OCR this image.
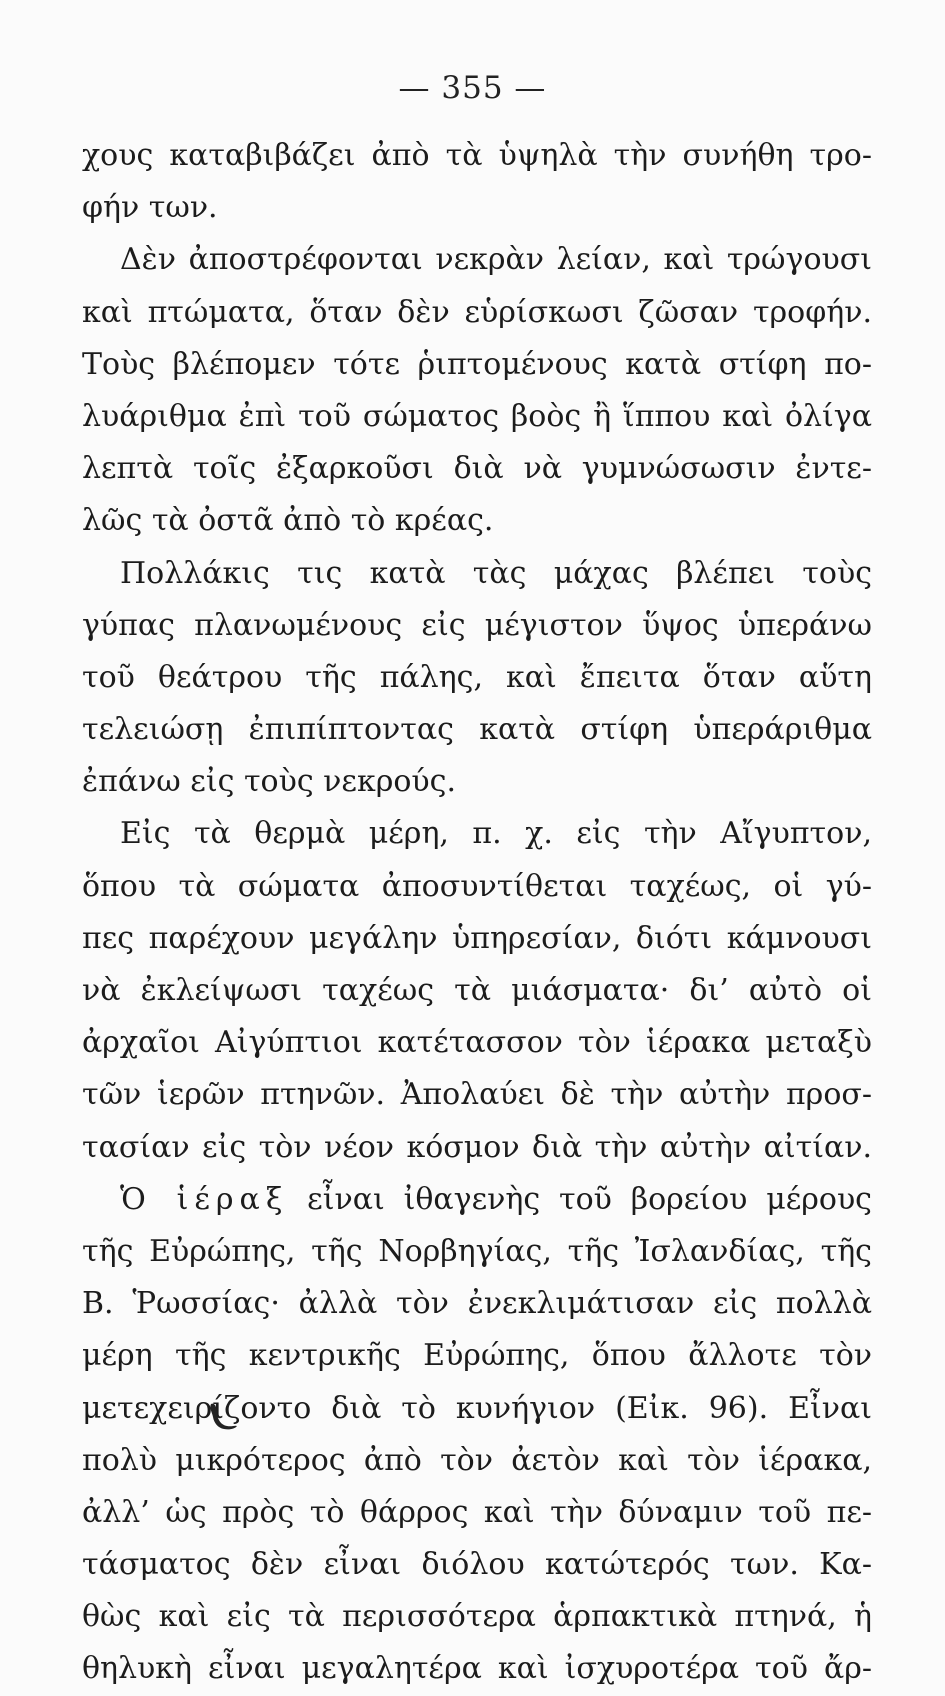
— 355 —
χους καταβιβάζει ἀπὸ τὰ ὑψηλὰ τὴν συνήθη τρο-
φήν των.
Δὲν ἀποστρέφονται νεκρὰν λείαν, καὶ τρώγουσι
καὶ πτώματα, ὅταν δὲν εὑρίσκωσι ζῶσαν τροφήν.
Τοὺς βλέπομεν τότε ῥιπτομένους κατὰ στίφη πο-
λυάριθμα ἐπὶ τοῦ σώματος βοὸς ἢ ἵππου καὶ ὀλίγα
λεπτὰ τοῖς ἐξαρκοῦσι διὰ νὰ γυμνώσωσιν ἐντε-
λῶς τὰ ὀστᾶ ἀπὸ τὸ κρέας.
Πολλάκις τις κατὰ τὰς μάχας βλέπει τοὺς
γύπας πλανωμένους εἰς μέγιστον ὕψος ὑπεράνω
τοῦ θεάτρου τῆς πάλης, καὶ ἔπειτα ὅταν αὕτη
τελειώσῃ ἐπιπίπτοντας κατὰ στίφη ὑπεράριθμα
ἐπάνω εἰς τοὺς νεκρούς.
Εἰς τὰ θερμὰ μέρη, π. χ. εἰς τὴν Αἴγυπτον,
ὅπου τὰ σώματα ἀποσυντίθεται ταχέως, οἱ γύ-
πες παρέχουν μεγάλην ὑπηρεσίαν, διότι κάμνουσι
νὰ ἐκλείψωσι ταχέως τὰ μιάσματα· δι’ αὐτὸ οἱ
ἀρχαῖοι Αἰγύπτιοι κατέτασσον τὸν ἱέρακα μεταξὺ
τῶν ἱερῶν πτηνῶν. Ἀπολαύει δὲ τὴν αὐτὴν προσ-
τασίαν εἰς τὸν νέον κόσμον διὰ τὴν αὐτὴν αἰτίαν.
Ὁ ἱέραξ εἶναι ἰθαγενὴς τοῦ βορείου μέρους
τῆς Εὐρώπης, τῆς Νορβηγίας, τῆς Ἰσλανδίας, τῆς
Β. Ῥωσσίας· ἀλλὰ τὸν ἐνεκλιμάτισαν εἰς πολλὰ
μέρη τῆς κεντρικῆς Εὐρώπης, ὅπου ἄλλοτε τὸν
μετεχειρίζοντο διὰ τὸ κυνήγιον (Εἰκ. 96). Εἶναι
πολὺ μικρότερος ἀπὸ τὸν ἀετὸν καὶ τὸν ἱέρακα,
ἀλλ’ ὡς πρὸς τὸ θάρρος καὶ τὴν δύναμιν τοῦ πε-
τάσματος δὲν εἶναι διόλου κατώτερός των. Κα-
θὼς καὶ εἰς τὰ περισσότερα ἁρπακτικὰ πτηνά, ἡ
θηλυκὴ εἶναι μεγαλητέρα καὶ ἰσχυροτέρα τοῦ ἄρ-
